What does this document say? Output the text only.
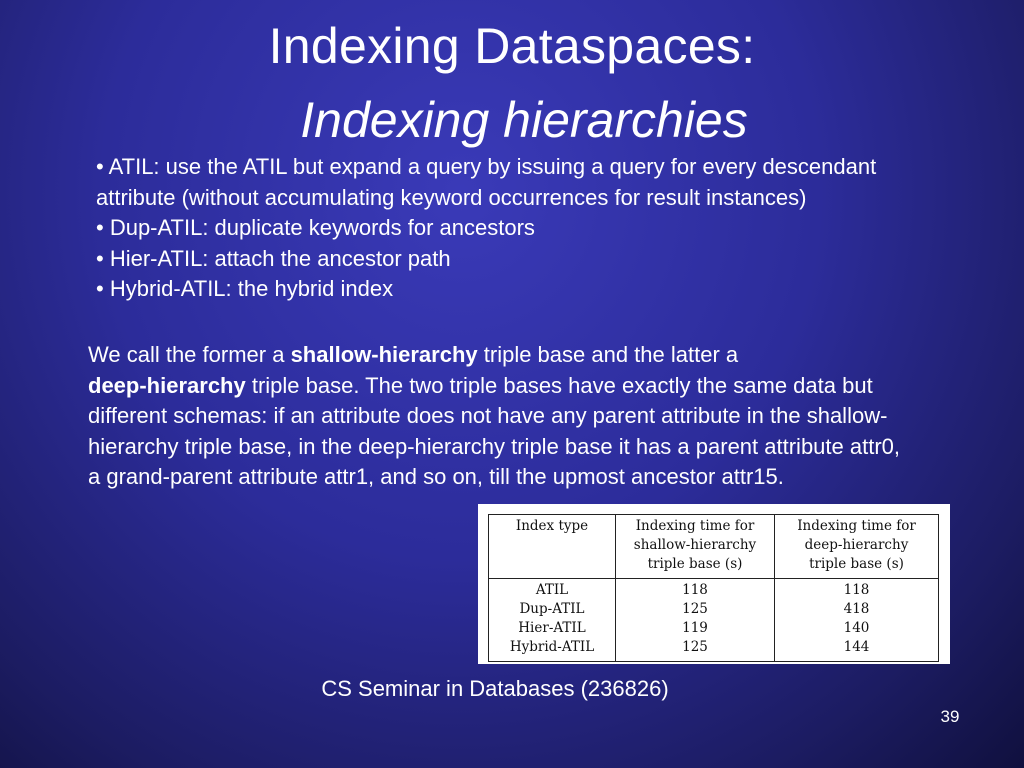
Indexing Dataspaces:
Indexing hierarchies

• ATIL: use the ATIL but expand a query by issuing a query for every descendant attribute (without accumulating keyword occurrences for result instances)

• Dup-ATIL: duplicate keywords for ancestors

• Hier-ATIL: attach the ancestor path

• Hybrid-ATIL: the hybrid index

We call the former a shallow-hierarchy triple base and the latter a
deep-hierarchy triple base. The two triple bases have exactly the same data but different schemas: if an attribute does not have any parent attribute in the shallow-hierarchy triple base, in the deep-hierarchy triple base it has a parent attribute attr0, a grand-parent attribute attr1, and so on, till the upmost ancestor attr15.

Index type	Indexing time for
shallow-hierarchy
triple base (s)	Indexing time for
deep-hierarchy
triple base (s)
ATIL	118	118
Dup-ATIL	125	418
Hier-ATIL	119	140
Hybrid-ATIL	125	144
CS Seminar in Databases (236826)
39
